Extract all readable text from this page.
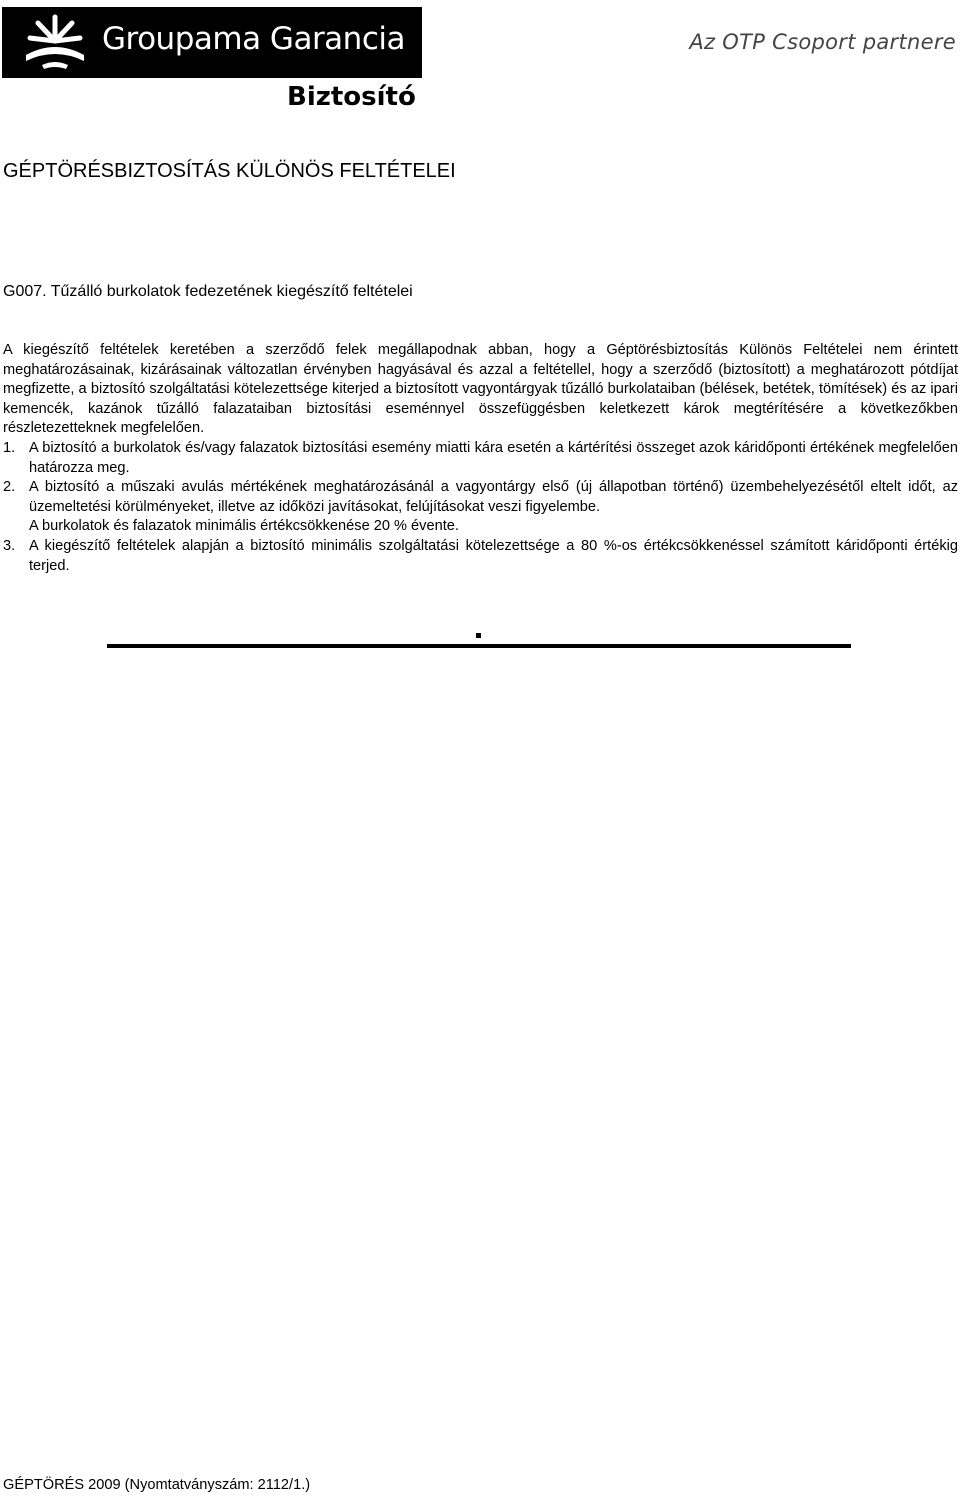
Groupama Garancia	Az OTP Csoport partnere
Biztosító
GÉPTÖRÉSBIZTOSÍTÁS KÜLÖNÖS FELTÉTELEI
G007. Tűzálló burkolatok fedezetének kiegészítő feltételei

A kiegészítő feltételek keretében a szerződő felek megállapodnak abban, hogy a Géptörésbiztosítás Különös Feltételei nem érintett meghatározásainak, kizárásainak változatlan érvényben hagyásával és azzal a feltétellel, hogy a szerződő (biztosított) a meghatározott pótdíjat megfizette, a biztosító szolgáltatási kötelezettsége kiterjed a biztosított vagyontárgyak tűzálló burkolataiban (bélések, betétek, tömítések) és az ipari kemencék, kazánok tűzálló falazataiban biztosítási eseménnyel összefüggésben keletkezett károk megtérítésére a következőkben részletezetteknek megfelelően.

1. A biztosító a burkolatok és/vagy falazatok biztosítási esemény miatti kára esetén a kártérítési összeget azok káridőponti értékének megfelelően határozza meg.
2. A biztosító a műszaki avulás mértékének meghatározásánál a vagyontárgy első (új állapotban történő) üzembehelyezésétől eltelt időt, az üzemeltetési körülményeket, illetve az időközi javításokat, felújításokat veszi figyelembe.
A burkolatok és falazatok minimális értékcsökkenése 20 % évente.
3. A kiegészítő feltételek alapján a biztosító minimális szolgáltatási kötelezettsége a 80 %-os értékcsökkenéssel számított káridőponti értékig terjed.
GÉPTÖRÉS 2009 (Nyomtatványszám: 2112/1.)
